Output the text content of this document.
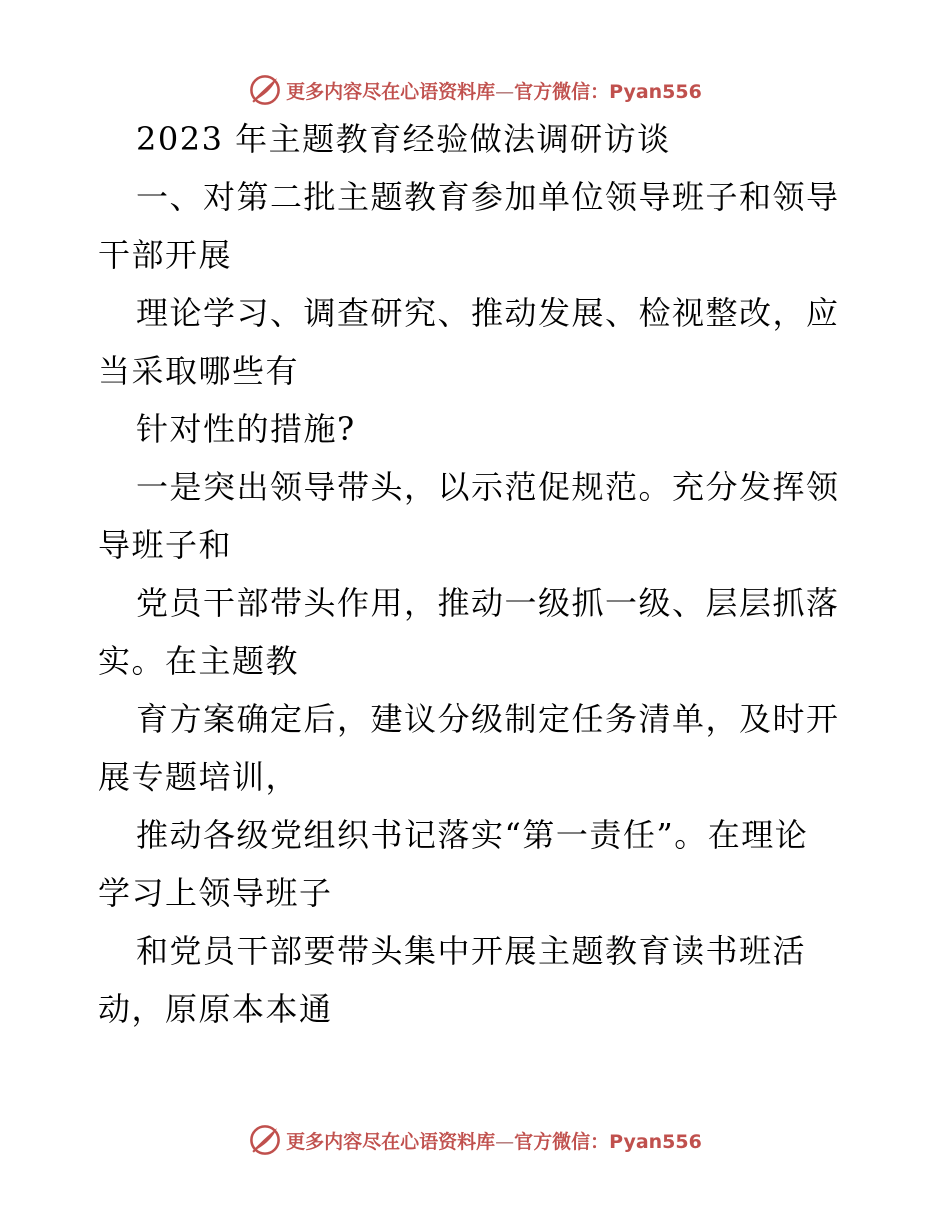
更多内容尽在心语资料库—官方微信：Pyan556

2023 年主题教育经验做法调研访谈

一、对第二批主题教育参加单位领导班子和领导

干部开展

理论学习、调查研究、推动发展、检视整改，应

当采取哪些有

针对性的措施?

一是突出领导带头，以示范促规范。充分发挥领

导班子和

党员干部带头作用，推动一级抓一级、层层抓落

实。在主题教

育方案确定后，建议分级制定任务清单，及时开

展专题培训，

推动各级党组织书记落实“第一责任”。在理论

学习上领导班子

和党员干部要带头集中开展主题教育读书班活

动，原原本本通

更多内容尽在心语资料库—官方微信：Pyan556
